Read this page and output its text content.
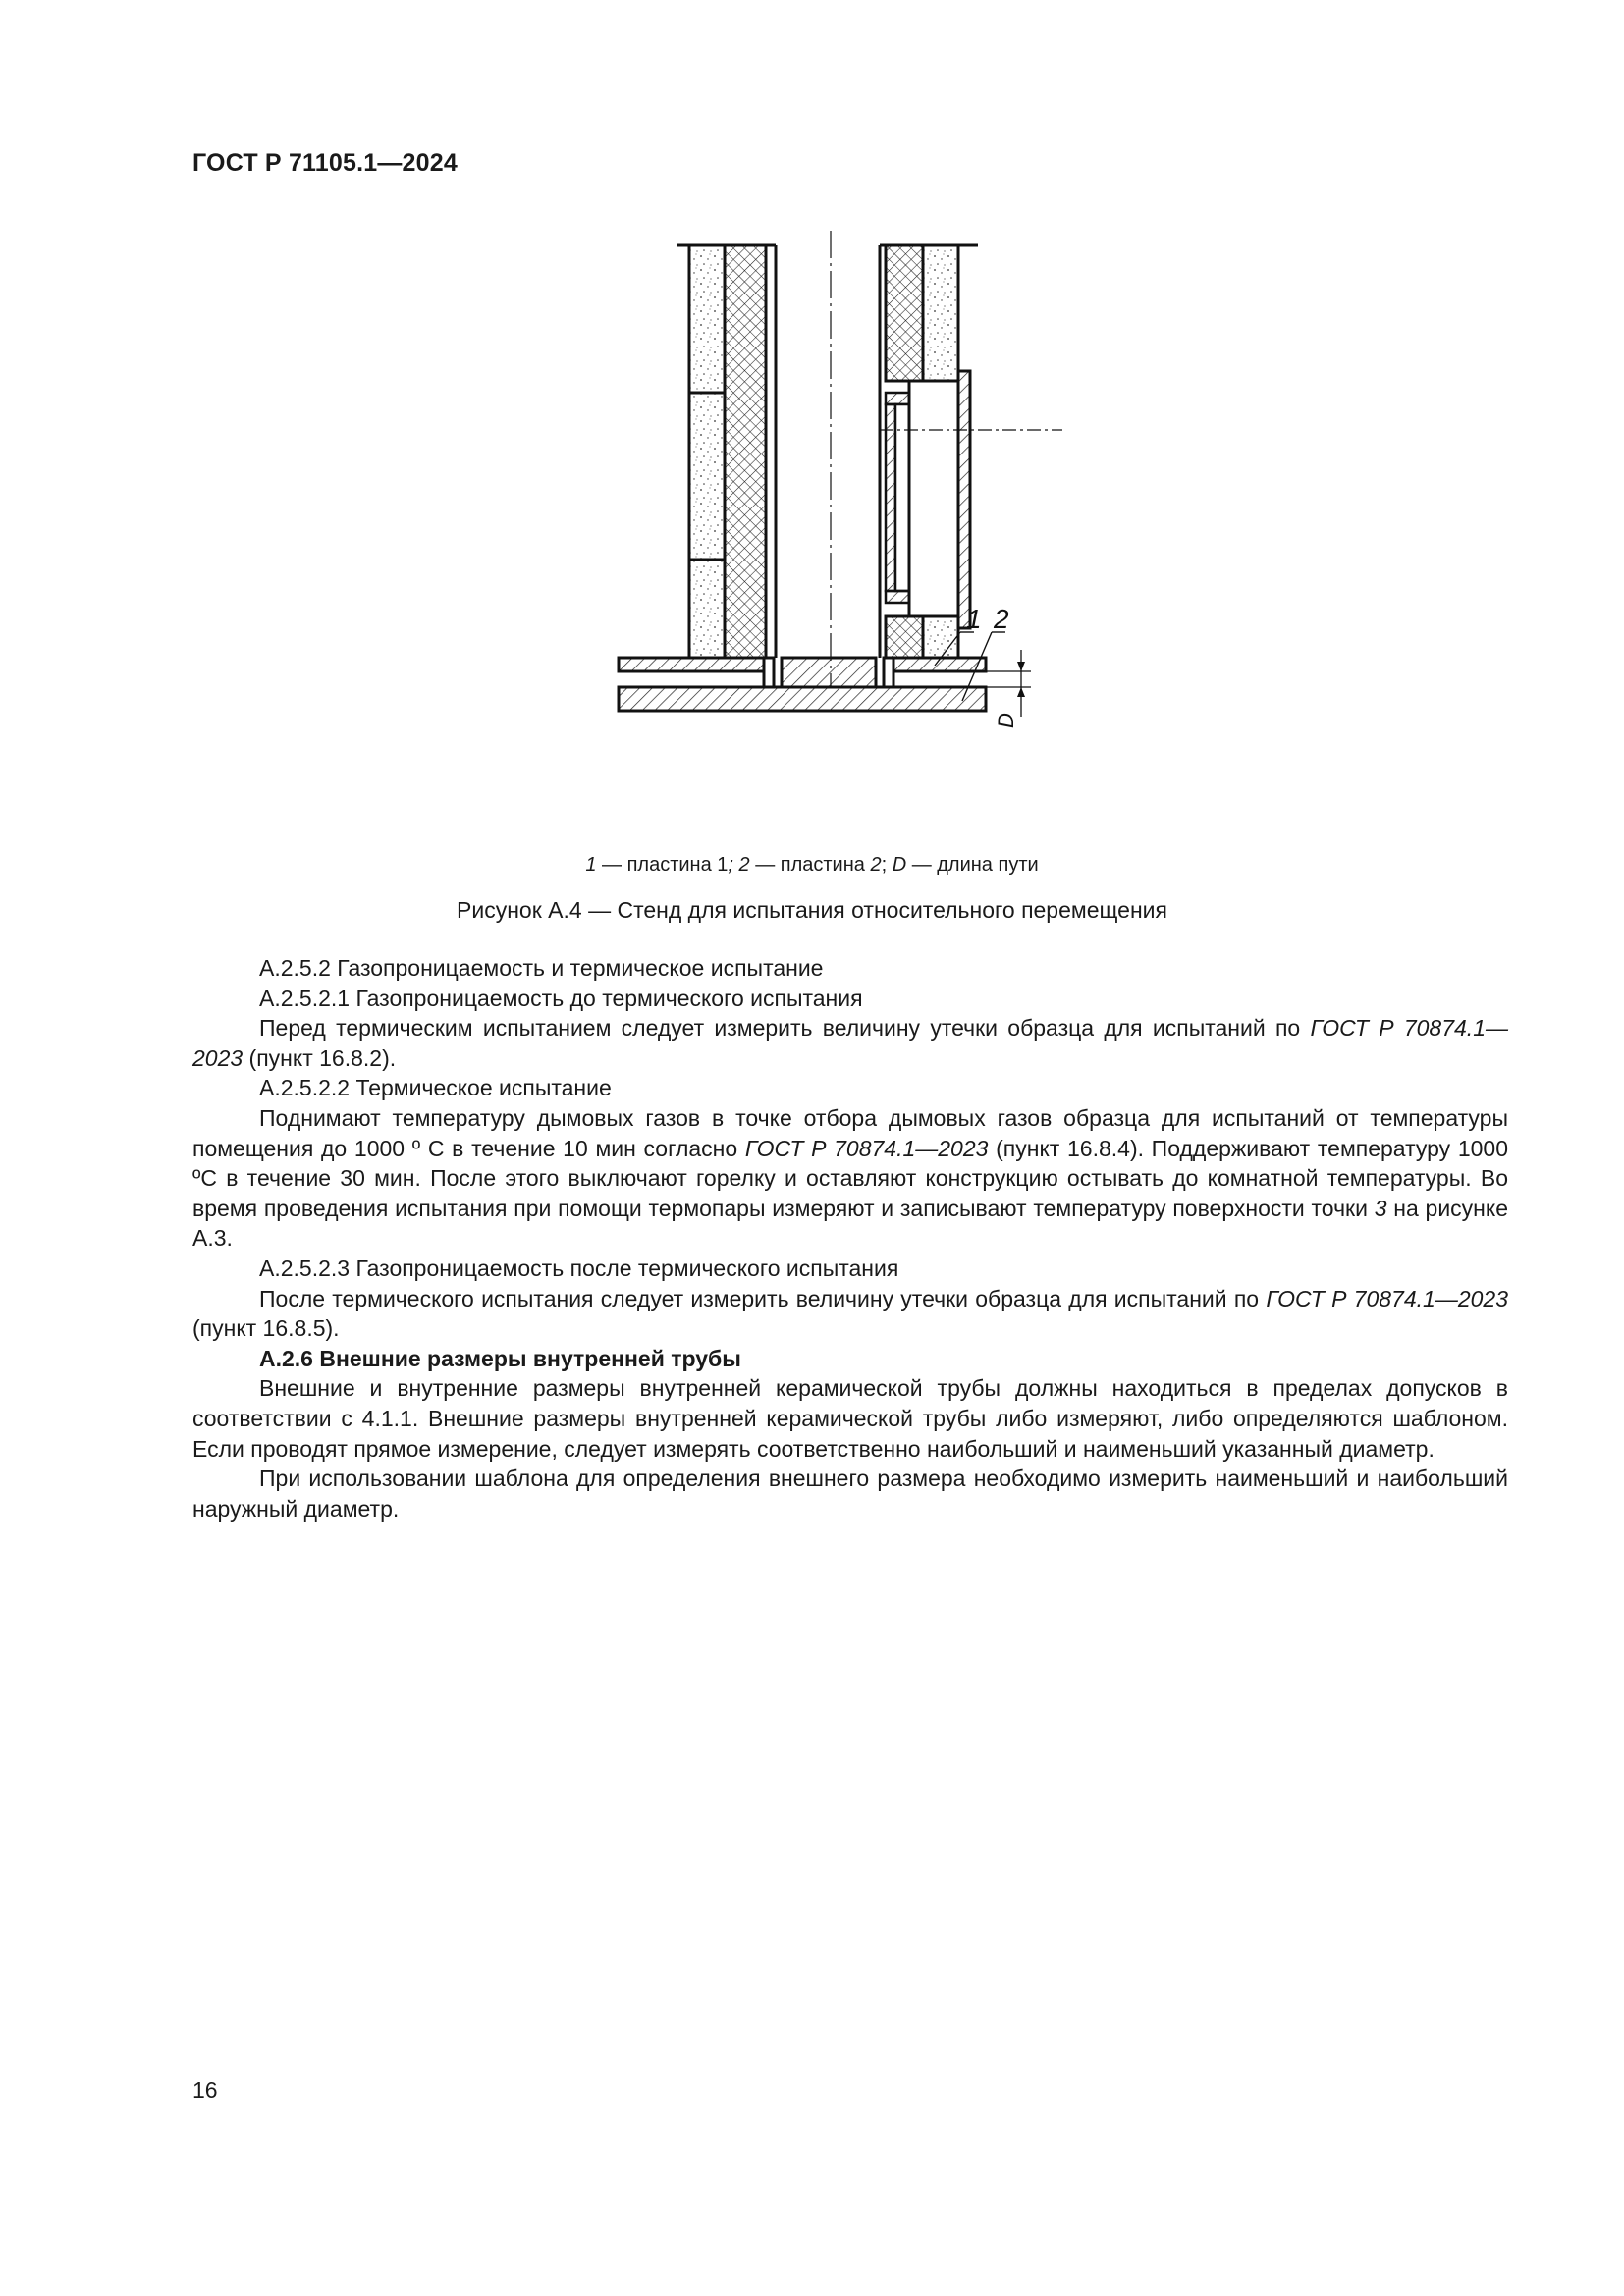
ГОСТ Р 71105.1—2024
1 2
D
1 — пластина 1; 2 — пластина 2; D — длина пути
Рисунок А.4 — Стенд для испытания относительного перемещения

А.2.5.2 Газопроницаемость и термическое испытание

А.2.5.2.1 Газопроницаемость до термического испытания

Перед термическим испытанием следует измерить величину утечки образца для испытаний по ГОСТ Р 70874.1—2023 (пункт 16.8.2).

А.2.5.2.2 Термическое испытание

Поднимают температуру дымовых газов в точке отбора дымовых газов образца для испытаний от температуры помещения до 1000 º С в течение 10 мин согласно ГОСТ Р 70874.1—2023 (пункт 16.8.4). Поддерживают температуру 1000 ºС в течение 30 мин. После этого выключают горелку и оставляют конструкцию остывать до комнатной температуры. Во время проведения испытания при помощи термопары измеряют и записывают температуру поверхности точки 3 на рисунке А.3.

А.2.5.2.3 Газопроницаемость после термического испытания

После термического испытания следует измерить величину утечки образца для испытаний по ГОСТ Р 70874.1—2023 (пункт 16.8.5).

А.2.6 Внешние размеры внутренней трубы

Внешние и внутренние размеры внутренней керамической трубы должны находиться в пределах допусков в соответствии с 4.1.1. Внешние размеры внутренней керамической трубы либо измеряют, либо определяются шаблоном. Если проводят прямое измерение, следует измерять соответственно наибольший и наименьший указанный диаметр.

При использовании шаблона для определения внешнего размера необходимо измерить наименьший и наибольший наружный диаметр.

16
